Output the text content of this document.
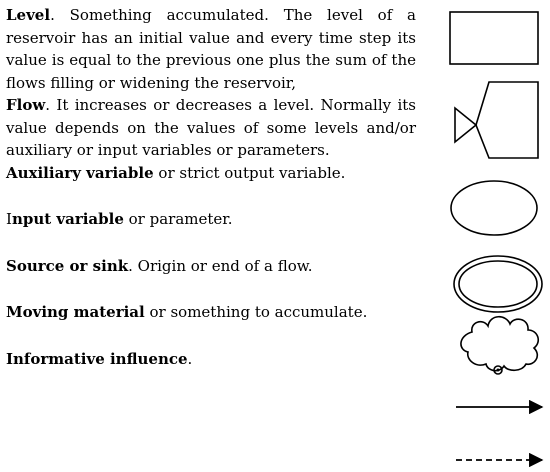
Level. Something accumulated. The level of a reservoir has an initial value and every time step its value is equal to the previous one plus the sum of the flows filling or widening the reservoir,

Flow. It increases or decreases a level. Normally its value depends on the values of some levels and/or auxiliary or input variables or parameters.

Auxiliary variable or strict output variable.

Input variable or parameter.

Source or sink. Origin or end of a flow.

Moving material or something to accumulate.

Informative influence.
